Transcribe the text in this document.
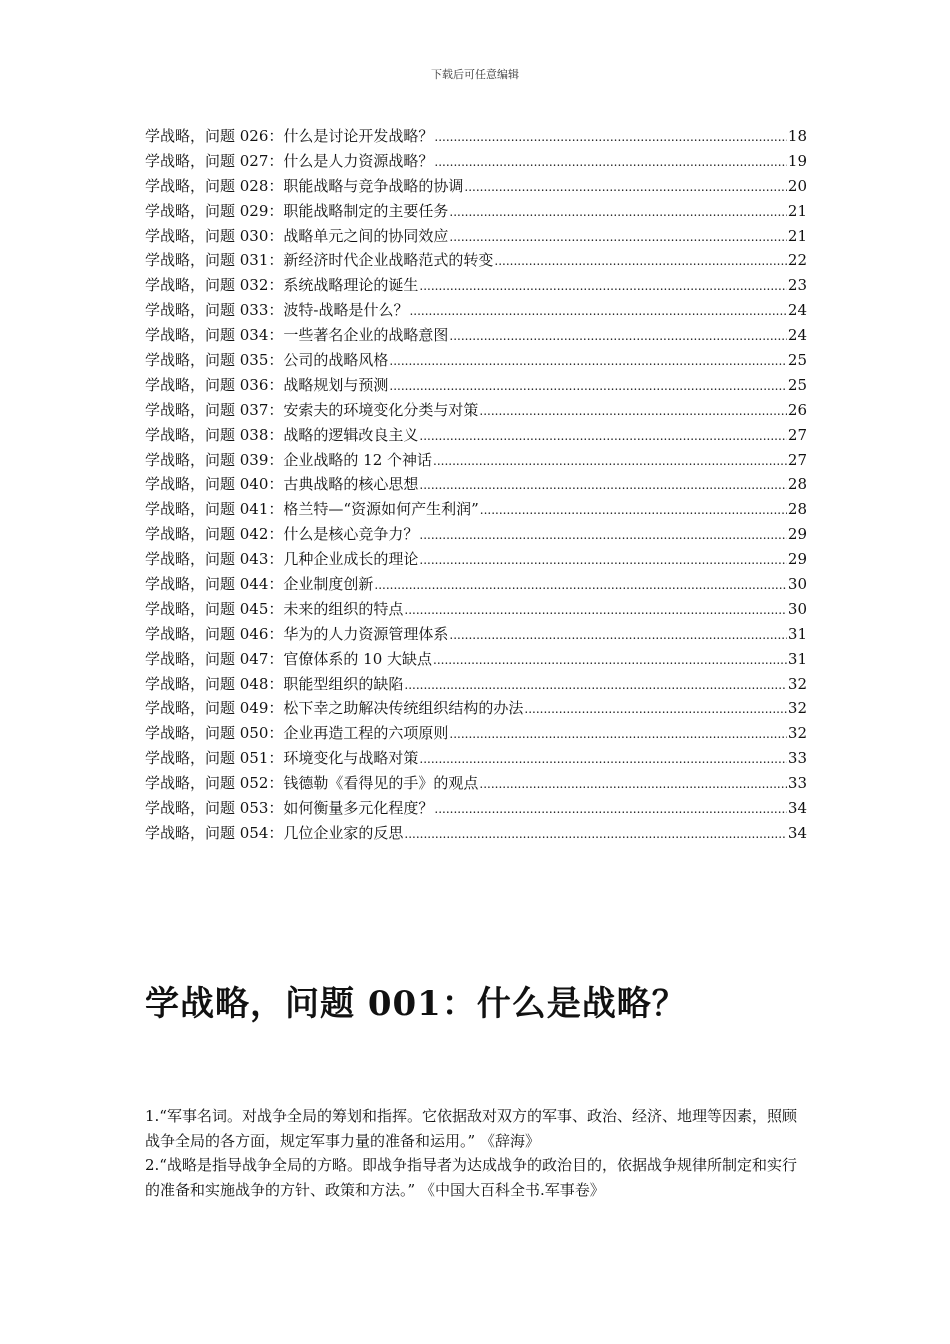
下载后可任意编辑
学战略，问题 026：什么是讨论开发战略？ .....	18
学战略，问题 027：什么是人力资源战略？ .....	19
学战略，问题 028：职能战略与竞争战略的协调 .....	20
学战略，问题 029：职能战略制定的主要任务 .....	21
学战略，问题 030：战略单元之间的协同效应 .....	21
学战略，问题 031：新经济时代企业战略范式的转变 .....	22
学战略，问题 032：系统战略理论的诞生 .....	23
学战略，问题 033：波特-战略是什么？ .....	24
学战略，问题 034：一些著名企业的战略意图 .....	24
学战略，问题 035：公司的战略风格 .....	25
学战略，问题 036：战略规划与预测 .....	25
学战略，问题 037：安索夫的环境变化分类与对策 .....	26
学战略，问题 038：战略的逻辑改良主义 .....	27
学战略，问题 039：企业战略的 12 个神话 .....	27
学战略，问题 040：古典战略的核心思想 .....	28
学战略，问题 041：格兰特—“资源如何产生利润” .....	28
学战略，问题 042：什么是核心竞争力？ .....	29
学战略，问题 043：几种企业成长的理论 .....	29
学战略，问题 044：企业制度创新 .....	30
学战略，问题 045：未来的组织的特点 .....	30
学战略，问题 046：华为的人力资源管理体系 .....	31
学战略，问题 047：官僚体系的 10 大缺点 .....	31
学战略，问题 048：职能型组织的缺陷 .....	32
学战略，问题 049：松下幸之助解决传统组织结构的办法 .....	32
学战略，问题 050：企业再造工程的六项原则 .....	32
学战略，问题 051：环境变化与战略对策 .....	33
学战略，问题 052：钱德勒《看得见的手》的观点 .....	33
学战略，问题 053：如何衡量多元化程度？ .....	34
学战略，问题 054：几位企业家的反思 .....	34
学战略，问题 001：什么是战略？

1.“军事名词。对战争全局的筹划和指挥。它依据敌对双方的军事、政治、经济、地理等因素，照顾战争全局的各方面，规定军事力量的准备和运用。” 《辞海》

2.“战略是指导战争全局的方略。即战争指导者为达成战争的政治目的，依据战争规律所制定和实行的准备和实施战争的方针、政策和方法。” 《中国大百科全书.军事卷》
